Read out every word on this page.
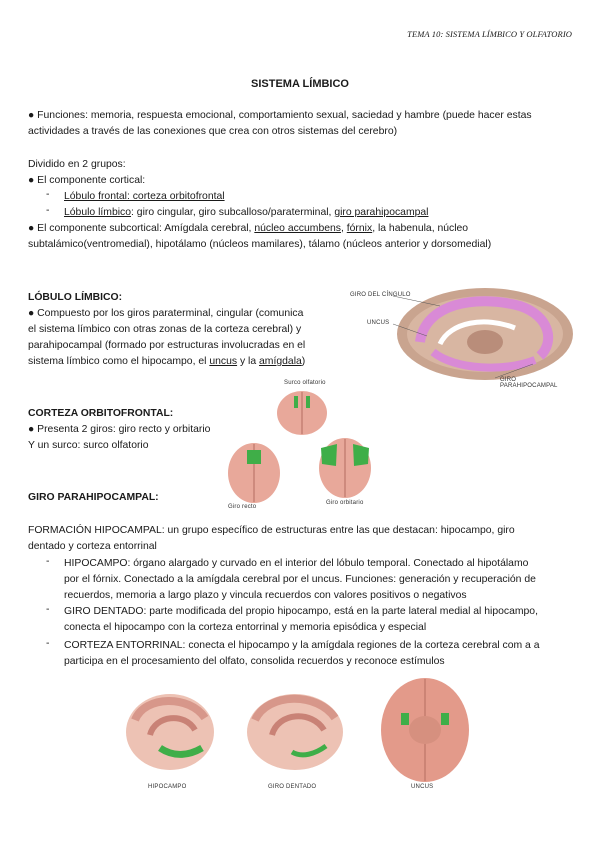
TEMA 10: SISTEMA LÍMBICO Y OLFATORIO
SISTEMA LÍMBICO
● Funciones: memoria, respuesta emocional, comportamiento sexual, saciedad y hambre (puede hacer estas
actividades a través de las conexiones que crea con otros sistemas del cerebro)
Dividido en 2 grupos:
● El componente cortical:
- Lóbulo frontal: corteza orbitofrontal
- Lóbulo límbico: giro cingular, giro subcalloso/paraterminal, giro parahipocampal
● El componente subcortical: Amígdala cerebral, núcleo accumbens, fórnix, la habenula, núcleo
subtalámico(ventromedial), hipotálamo (núcleos mamilares), tálamo (núcleos anterior y dorsomedial)
LÓBULO LÍMBICO:
● Compuesto por los giros paraterminal, cingular (comunica
el sistema límbico con otras zonas de la corteza cerebral) y
parahipocampal (formado por estructuras involucradas en el
sistema límbico como el hipocampo, el uncus y la amígdala)
GIRO DEL CÍNGULO
UNCUS
GIRO PARAHIPOCAMPAL
CORTEZA ORBITOFRONTAL:
● Presenta 2 giros: giro recto y orbitario
Y un surco: surco olfatorio
Surco olfatorio
Giro recto
Giro orbitario
GIRO PARAHIPOCAMPAL:
FORMACIÓN HIPOCAMPAL: un grupo específico de estructuras entre las que destacan: hipocampo, giro
dentado y corteza entorrinal
- HIPOCAMPO: órgano alargado y curvado en el interior del lóbulo temporal. Conectado al hipotálamo
por el fórnix. Conectado a la amígdala cerebral por el uncus. Funciones: generación y recuperación de
recuerdos, memoria a largo plazo y vincula recuerdos con valores positivos o negativos
- GIRO DENTADO: parte modificada del propio hipocampo, está en la parte lateral medial al hipocampo,
conecta el hipocampo con la corteza entorrinal y memoria episódica y especial
- CORTEZA ENTORRINAL: conecta el hipocampo y la amígdala regiones de la corteza cerebral com a a
participa en el procesamiento del olfato, consolida recuerdos y reconoce estímulos
HIPOCAMPO	GIRO DENTADO	UNCUS
